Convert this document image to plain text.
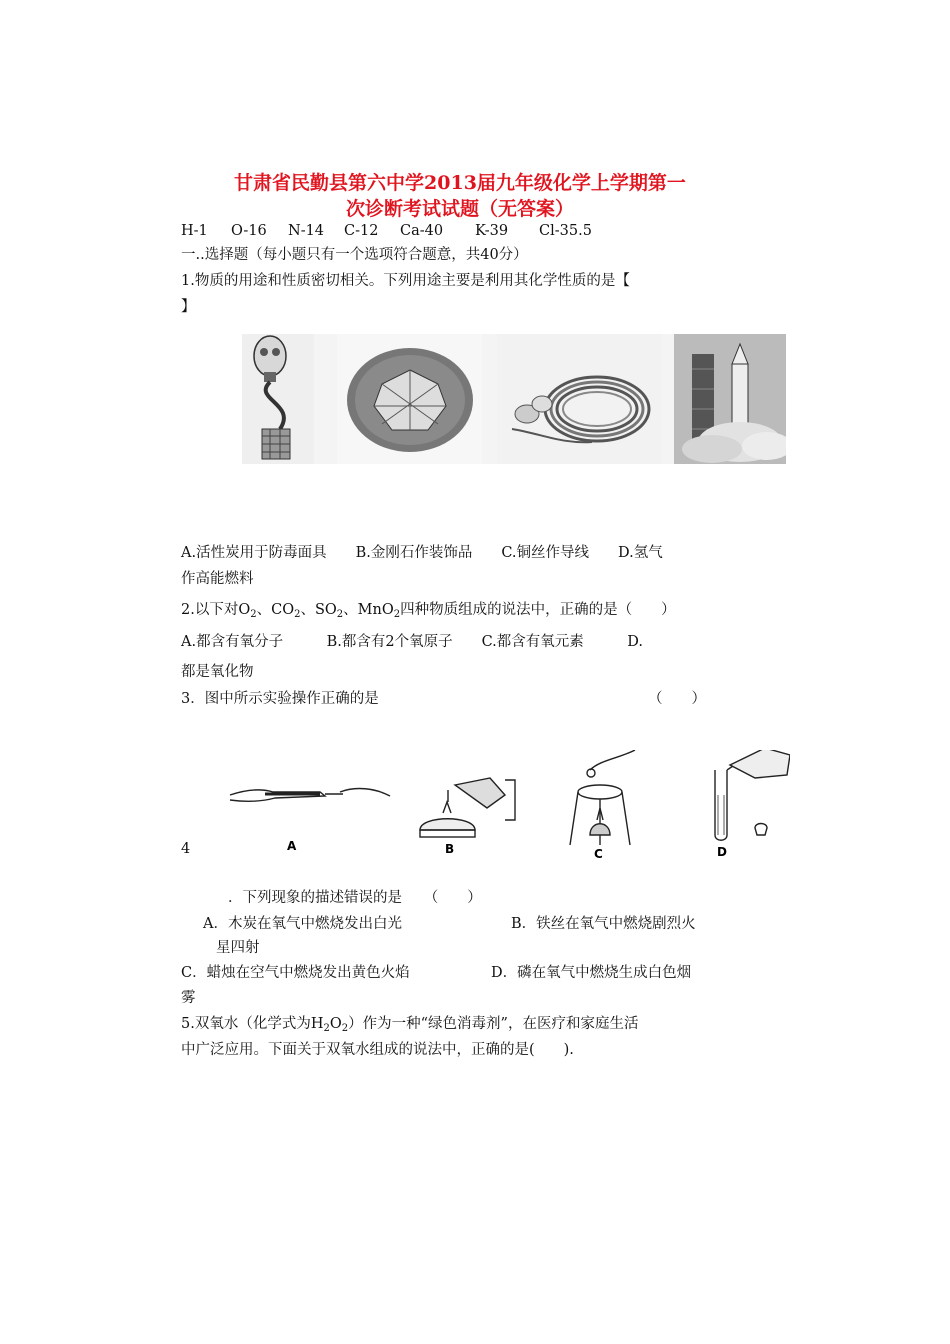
甘肃省民勤县第六中学2013届九年级化学上学期第一
次诊断考试试题（无答案）
H-1 O-16 N-14 C-12 Ca-40 K-39 Cl-35.5
一..选择题（每小题只有一个选项符合题意，共40分）
1.物质的用途和性质密切相关。下列用途主要是利用其化学性质的是【
】
A.活性炭用于防毒面具　　B.金刚石作装饰品　　C.铜丝作导线　　D.氢气
作高能燃料
2.以下对$O_2$、$CO_2$、$SO_2$、MnO$_2$四种物质组成的说法中，正确的是（　　）
A.都含有氧分子　　　B.都含有2个氧原子　　C.都含有氧元素　　　D.
都是氧化物
3．图中所示实验操作正确的是	（　　）
A	B	C	D
4
．下列现象的描述错误的是　　（　　）
A．木炭在氧气中燃烧发出白光	B．铁丝在氧气中燃烧剧烈火
星四射
C．蜡烛在空气中燃烧发出黄色火焰	D．磷在氧气中燃烧生成白色烟
雾
5.双氧水（化学式为$H_2O_2$）作为一种“绿色消毒剂”，在医疗和家庭生活
中广泛应用。下面关于双氧水组成的说法中，正确的是(　　).
